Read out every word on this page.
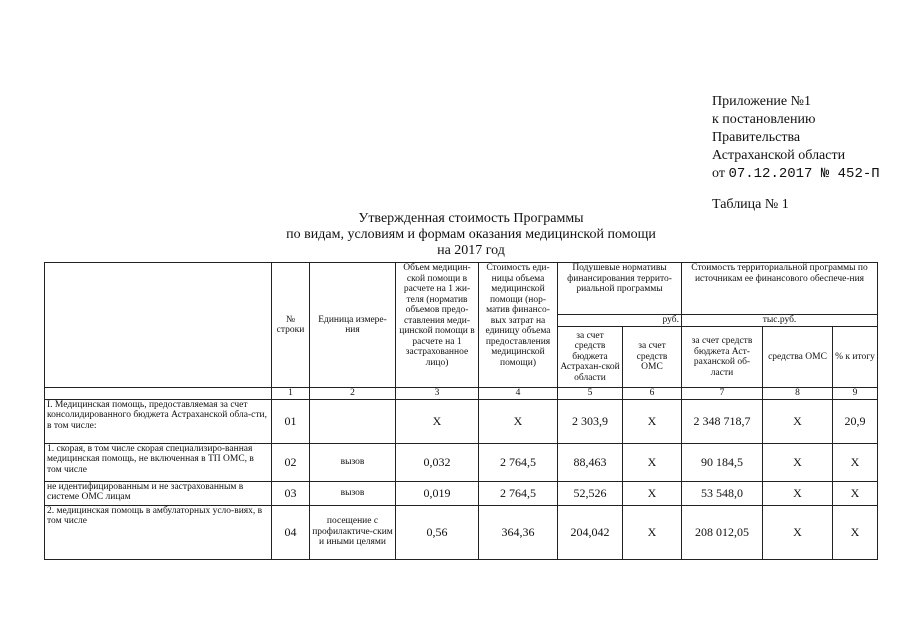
Приложение №1
к постановлению
Правительства
Астраханской области
от 07.12.2017 № 452-П
Таблица № 1
Утвержденная стоимость Программы
по видам, условиям и формам оказания медицинской помощи
на 2017 год
	№ строки	Единица измере-ния	Объем медицин-ской помощи в расчете на 1 жи-теля (норматив объемов предо-ставления меди-цинской помощи в расчете на 1 застрахованное лицо)	Стоимость еди-ницы объема медицинской помощи (нор-матив финансо-вых затрат на единицу объема предоставления медицинской помощи)	Подушевые нормативы финансирования террито-риальной программы		Стоимость территориальной программы по источникам ее финансового обеспече-ния		
					руб.		тыс.руб.		
					за счет средств бюджета Астрахан-ской области	за счет средств ОМС	за счет средств бюджета Аст-раханской об-ласти	средства ОМС	% к итогу
	1	2	3	4	5	6	7	8	9
I. Медицинская помощь, предоставляемая за счет консолидированного бюджета Астраханской обла-сти, в том числе:	01		Х	Х	2 303,9	Х	2 348 718,7	Х	20,9
1. скорая, в том числе скорая специализиро-ванная медицинская помощь, не включенная в ТП ОМС, в том числе	02	вызов	0,032	2 764,5	88,463	Х	90 184,5	Х	Х
не идентифицированным и не застрахованным в системе ОМС лицам	03	вызов	0,019	2 764,5	52,526	Х	53 548,0	Х	Х
2. медицинская помощь в амбулаторных усло-виях, в том числе	04	посещение с профилактиче-ским и иными целями	0,56	364,36	204,042	Х	208 012,05	Х	Х
